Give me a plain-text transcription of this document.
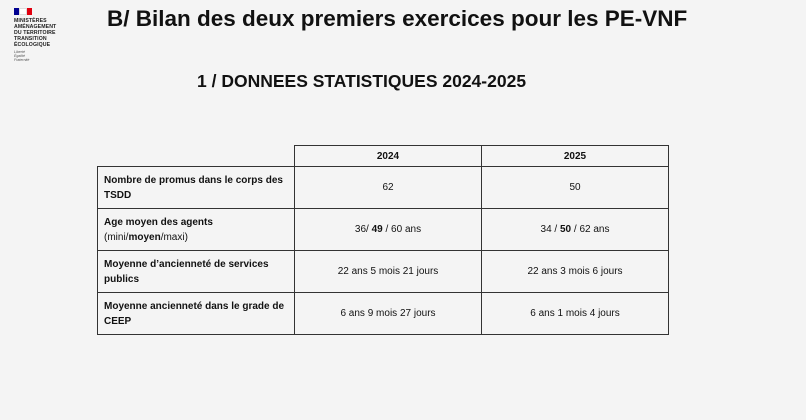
MINISTÈRES
AMÉNAGEMENT
DU TERRITOIRE
TRANSITION
ÉCOLOGIQUE
Liberté
Égalité
Fraternité
B/ Bilan des deux premiers exercices pour les PE-VNF
1 / DONNEES STATISTIQUES 2024-2025
	2024	2025
Nombre de promus dans le corps des TSDD	62	50

Age moyen des agents
(mini/moyen/maxi)	36/ 49 / 60 ans	34 / 50 / 62 ans
Moyenne d’ancienneté de services publics	22 ans 5 mois 21 jours	22 ans 3 mois 6 jours
Moyenne ancienneté dans le grade de CEEP	6 ans 9 mois 27 jours	6 ans 1 mois 4 jours
